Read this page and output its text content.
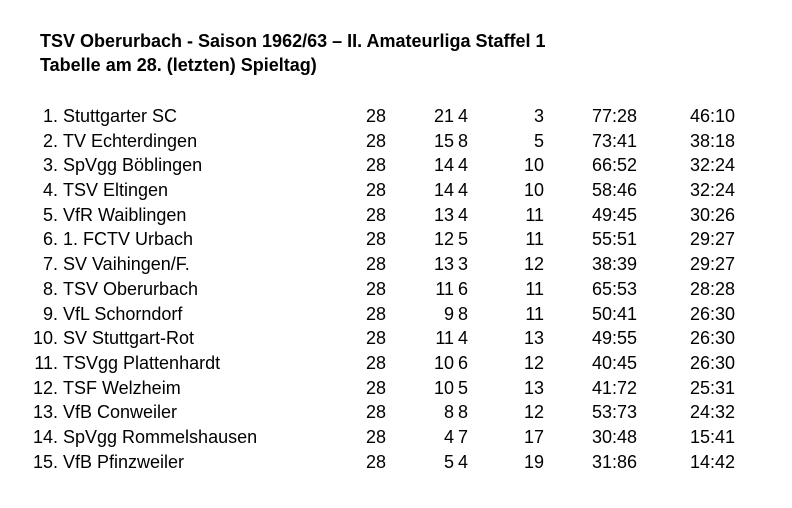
TSV Oberurbach - Saison 1962/63 – II. Amateurliga Staffel 1
Tabelle am 28. (letzten) Spieltag)
1. Stuttgarter SC	28	21 4	3	77:28	46:10
2. TV Echterdingen	28	15 8	5	73:41	38:18
3. SpVgg Böblingen	28	14 4	10	66:52	32:24
4. TSV Eltingen	28	14 4	10	58:46	32:24
5. VfR Waiblingen	28	13 4	11	49:45	30:26
6. 1. FCTV Urbach	28	12 5	11	55:51	29:27
7. SV Vaihingen/F.	28	13 3	12	38:39	29:27
8. TSV Oberurbach	28	11 6	11	65:53	28:28
9. VfL Schorndorf	28	9 8	11	50:41	26:30
10. SV Stuttgart-Rot	28	11 4	13	49:55	26:30
11. TSVgg Plattenhardt	28	10 6	12	40:45	26:30
12. TSF Welzheim	28	10 5	13	41:72	25:31
13. VfB Conweiler	28	8 8	12	53:73	24:32
14. SpVgg Rommelshausen	28	4 7	17	30:48	15:41
15. VfB Pfinzweiler	28	5 4	19	31:86	14:42
